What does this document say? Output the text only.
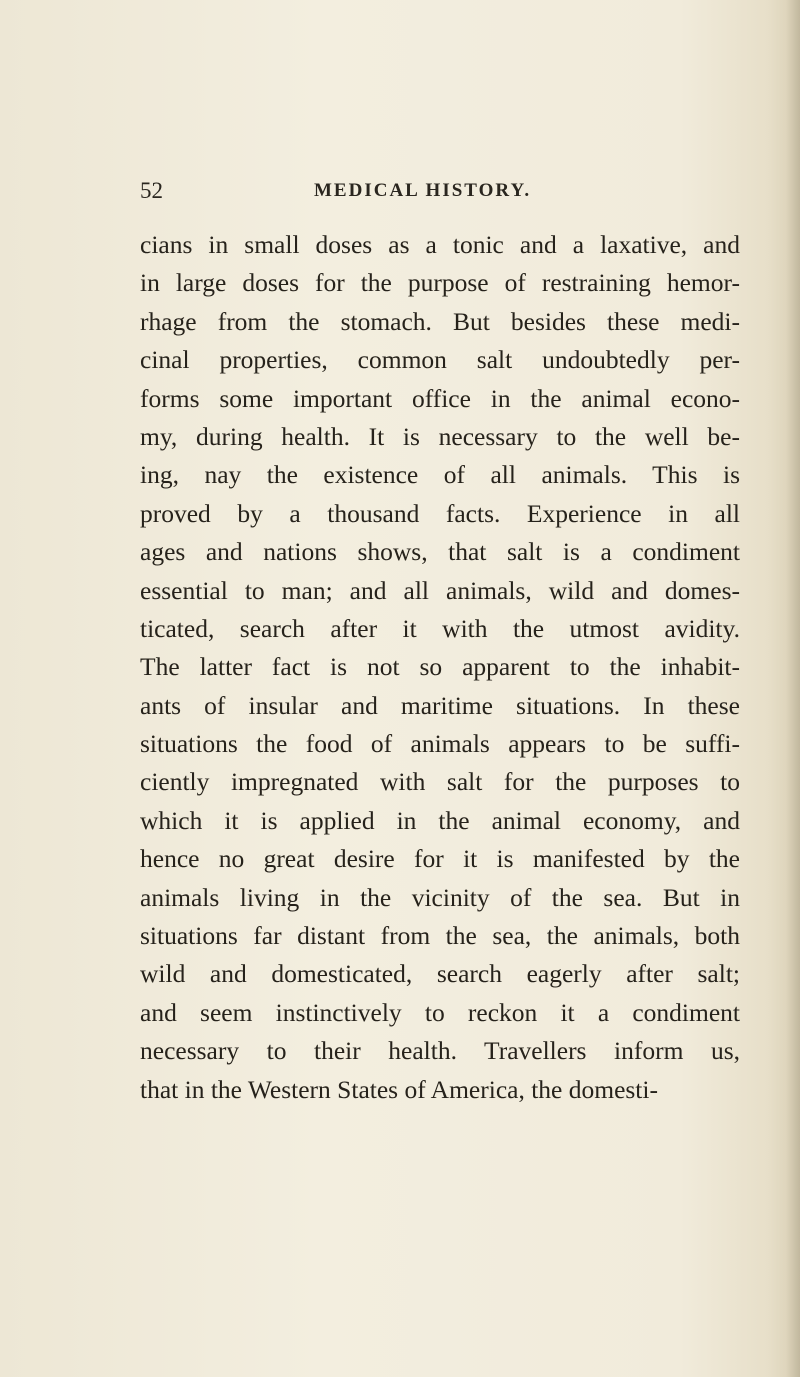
52	MEDICAL HISTORY.
cians in small doses as a tonic and a laxative, and
in large doses for the purpose of restraining hemor-
rhage from the stomach. But besides these medi-
cinal properties, common salt undoubtedly per-
forms some important office in the animal econo-
my, during health. It is necessary to the well be-
ing, nay the existence of all animals. This is
proved by a thousand facts. Experience in all
ages and nations shows, that salt is a condiment
essential to man; and all animals, wild and domes-
ticated, search after it with the utmost avidity.
The latter fact is not so apparent to the inhabit-
ants of insular and maritime situations. In these
situations the food of animals appears to be suffi-
ciently impregnated with salt for the purposes to
which it is applied in the animal economy, and
hence no great desire for it is manifested by the
animals living in the vicinity of the sea. But in
situations far distant from the sea, the animals, both
wild and domesticated, search eagerly after salt;
and seem instinctively to reckon it a condiment
necessary to their health. Travellers inform us,
that in the Western States of America, the domesti-
